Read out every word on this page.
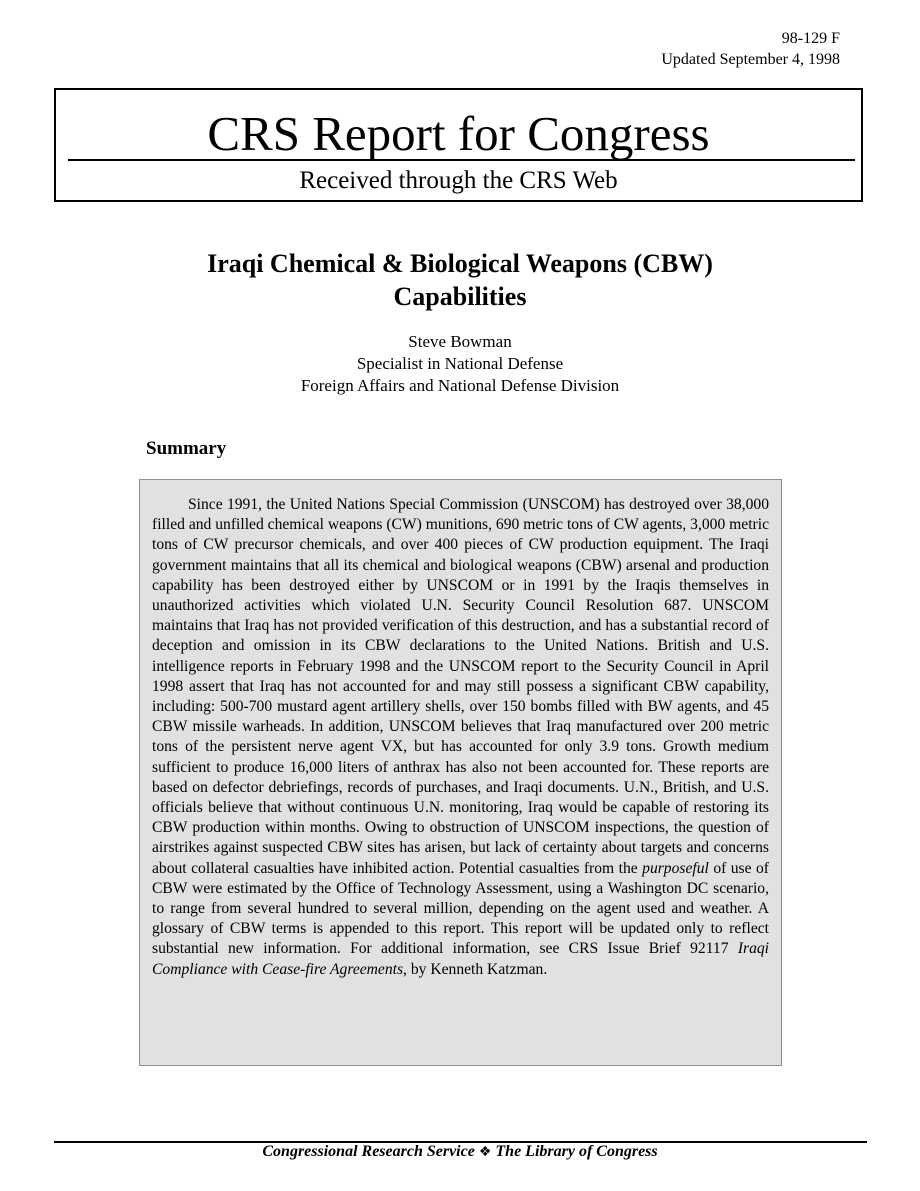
98-129 F
Updated September 4, 1998
CRS Report for Congress
Received through the CRS Web
Iraqi Chemical & Biological Weapons (CBW)
Capabilities
Steve Bowman
Specialist in National Defense
Foreign Affairs and National Defense Division
Summary

Since 1991, the United Nations Special Commission (UNSCOM) has destroyed over 38,000 filled and unfilled chemical weapons (CW) munitions, 690 metric tons of CW agents, 3,000 metric tons of CW precursor chemicals, and over 400 pieces of CW production equipment. The Iraqi government maintains that all its chemical and biological weapons (CBW) arsenal and production capability has been destroyed either by UNSCOM or in 1991 by the Iraqis themselves in unauthorized activities which violated U.N. Security Council Resolution 687. UNSCOM maintains that Iraq has not provided verification of this destruction, and has a substantial record of deception and omission in its CBW declarations to the United Nations. British and U.S. intelligence reports in February 1998 and the UNSCOM report to the Security Council in April 1998 assert that Iraq has not accounted for and may still possess a significant CBW capability, including: 500-700 mustard agent artillery shells, over 150 bombs filled with BW agents, and 45 CBW missile warheads. In addition, UNSCOM believes that Iraq manufactured over 200 metric tons of the persistent nerve agent VX, but has accounted for only 3.9 tons. Growth medium sufficient to produce 16,000 liters of anthrax has also not been accounted for. These reports are based on defector debriefings, records of purchases, and Iraqi documents. U.N., British, and U.S. officials believe that without continuous U.N. monitoring, Iraq would be capable of restoring its CBW production within months. Owing to obstruction of UNSCOM inspections, the question of airstrikes against suspected CBW sites has arisen, but lack of certainty about targets and concerns about collateral casualties have inhibited action. Potential casualties from the purposeful of use of CBW were estimated by the Office of Technology Assessment, using a Washington DC scenario, to range from several hundred to several million, depending on the agent used and weather. A glossary of CBW terms is appended to this report. This report will be updated only to reflect substantial new information. For additional information, see CRS Issue Brief 92117 Iraqi Compliance with Cease-fire Agreements, by Kenneth Katzman.

Congressional Research Service ❖ The Library of Congress
